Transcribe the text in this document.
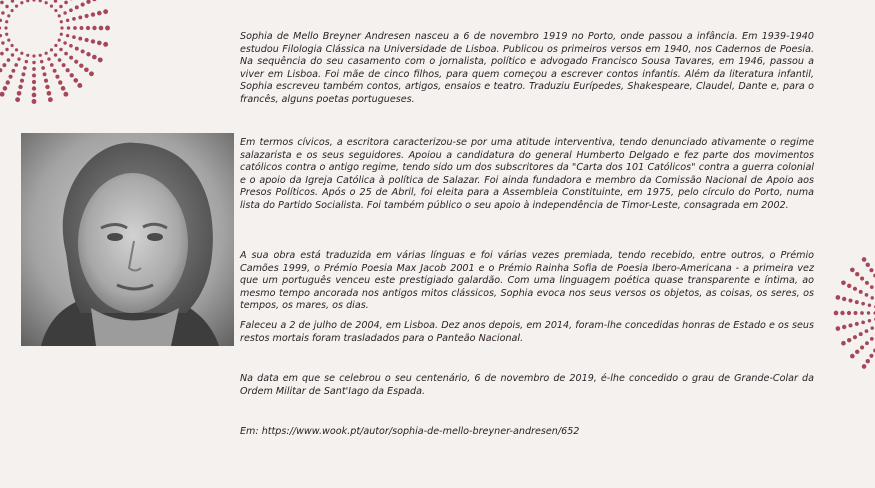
Sophia de Mello Breyner Andresen nasceu a 6 de novembro 1919 no Porto, onde passou a infância. Em 1939-1940 estudou Filologia Clássica na Universidade de Lisboa. Publicou os primeiros versos em 1940, nos Cadernos de Poesia. Na sequência do seu casamento com o jornalista, político e advogado Francisco Sousa Tavares, em 1946, passou a viver em Lisboa. Foi mãe de cinco filhos, para quem começou a escrever contos infantis. Além da literatura infantil, Sophia escreveu também contos, artigos, ensaios e teatro. Traduziu Eurípedes, Shakespeare, Claudel, Dante e, para o francês, alguns poetas portugueses.

Em termos cívicos, a escritora caracterizou-se por uma atitude interventiva, tendo denunciado ativamente o regime salazarista e os seus seguidores. Apoiou a candidatura do general Humberto Delgado e fez parte dos movimentos católicos contra o antigo regime, tendo sido um dos subscritores da "Carta dos 101 Católicos" contra a guerra colonial e o apoio da Igreja Católica à política de Salazar. Foi ainda fundadora e membro da Comissão Nacional de Apoio aos Presos Políticos. Após o 25 de Abril, foi eleita para a Assembleia Constituinte, em 1975, pelo círculo do Porto, numa lista do Partido Socialista. Foi também público o seu apoio à independência de Timor-Leste, consagrada em 2002.

A sua obra está traduzida em várias línguas e foi várias vezes premiada, tendo recebido, entre outros, o Prémio Camões 1999, o Prémio Poesia Max Jacob 2001 e o Prémio Rainha Sofia de Poesia Ibero-Americana - a primeira vez que um português venceu este prestigiado galardão. Com uma linguagem poética quase transparente e íntima, ao mesmo tempo ancorada nos antigos mitos clássicos, Sophia evoca nos seus versos os objetos, as coisas, os seres, os tempos, os mares, os dias.

Faleceu a 2 de julho de 2004, em Lisboa. Dez anos depois, em 2014, foram-lhe concedidas honras de Estado e os seus restos mortais foram trasladados para o Panteão Nacional.

Na data em que se celebrou o seu centenário, 6 de novembro de 2019, é-lhe concedido o grau de Grande-Colar da Ordem Militar de Sant'Iago da Espada.

Em: https://www.wook.pt/autor/sophia-de-mello-breyner-andresen/652
